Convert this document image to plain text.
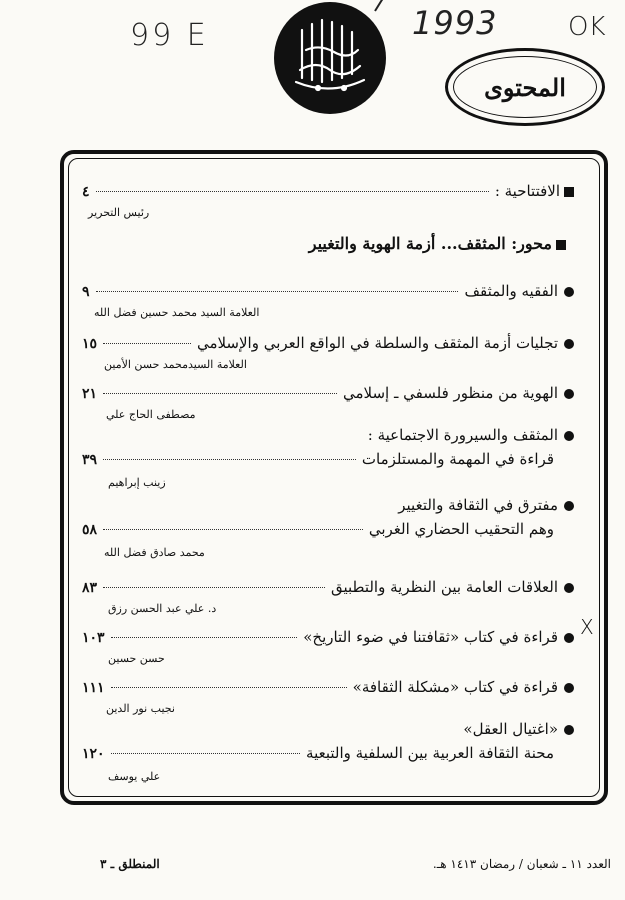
99 E	1993	OK
المحتوى
الافتتاحية :
٤
رئيس التحرير
محور: المثقف... أزمة الهوية والتغيير
الفقيه والمثقف
٩
العلامة السيد محمد حسين فضل الله
تجليات أزمة المثقف والسلطة في الواقع العربي والإسلامي
١٥
العلامة السيدمحمد حسن الأمين
الهوية من منظور فلسفي ـ إسلامي
٢١
مصطفى الحاج علي
المثقف والسيرورة الاجتماعية :
قراءة في المهمة والمستلزمات
٣٩
زينب إبراهيم
مفترق في الثقافة والتغيير
وهم التحقيب الحضاري الغربي
٥٨
محمد صادق فضل الله
العلاقات العامة بين النظرية والتطبيق
٨٣
د. علي عبد الحسن رزق
قراءة في كتاب «ثقافتنا في ضوء التاريخ»
١٠٣
حسن حسين
قراءة في كتاب «مشكلة الثقافة»
١١١
نجيب نور الدين
«اغتيال العقل»
محنة الثقافة العربية بين السلفية والتبعية
١٢٠
علي يوسف
X
العدد ١١ ـ شعبان / رمضان ١٤١٣ هـ.
المنطلق ـ ٣
